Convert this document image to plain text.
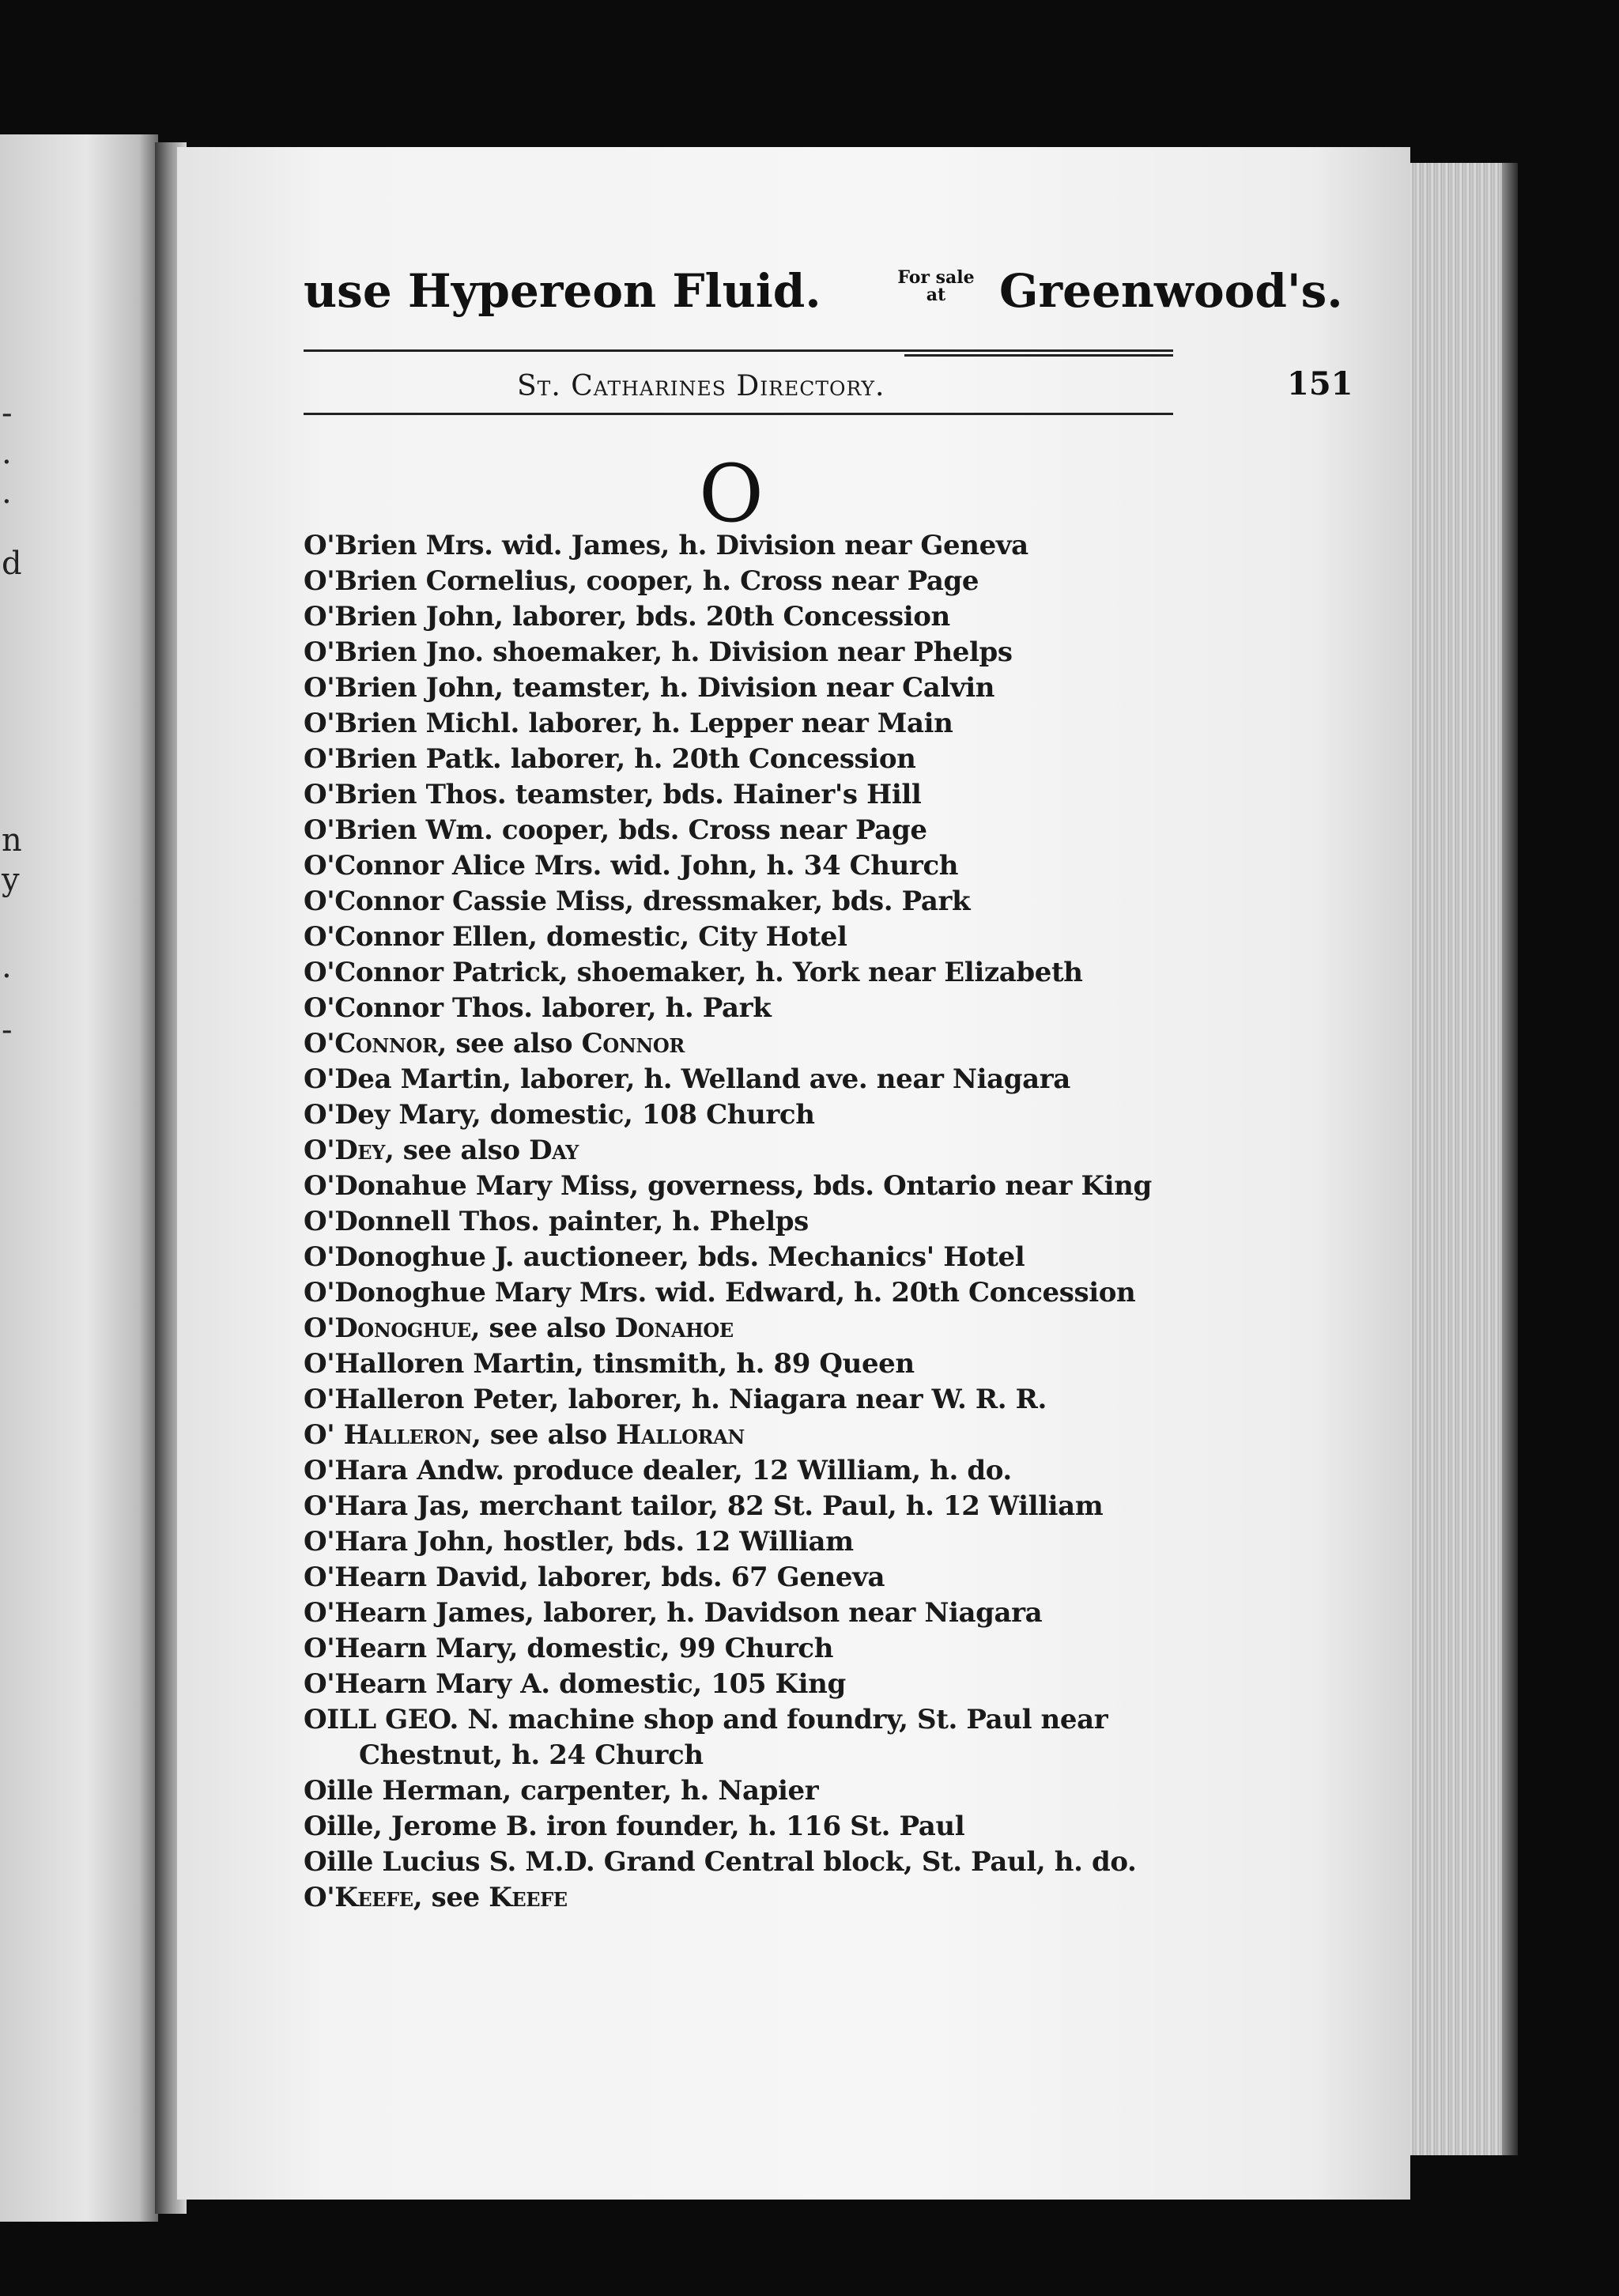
-
.
.
d
n
y
.
-
use Hypereon Fluid.	For sale
at	Greenwood's.
St. Catharines Directory.	151
O
O'Brien Mrs. wid. James, h. Division near Geneva
O'Brien Cornelius, cooper, h. Cross near Page
O'Brien John, laborer, bds. 20th Concession
O'Brien Jno. shoemaker, h. Division near Phelps
O'Brien John, teamster, h. Division near Calvin
O'Brien Michl. laborer, h. Lepper near Main
O'Brien Patk. laborer, h. 20th Concession
O'Brien Thos. teamster, bds. Hainer's Hill
O'Brien Wm. cooper, bds. Cross near Page
O'Connor Alice Mrs. wid. John, h. 34 Church
O'Connor Cassie Miss, dressmaker, bds. Park
O'Connor Ellen, domestic, City Hotel
O'Connor Patrick, shoemaker, h. York near Elizabeth
O'Connor Thos. laborer, h. Park
O'Connor, see also Connor
O'Dea Martin, laborer, h. Welland ave. near Niagara
O'Dey Mary, domestic, 108 Church
O'Dey, see also Day
O'Donahue Mary Miss, governess, bds. Ontario near King
O'Donnell Thos. painter, h. Phelps
O'Donoghue J. auctioneer, bds. Mechanics' Hotel
O'Donoghue Mary Mrs. wid. Edward, h. 20th Concession
O'Donoghue, see also Donahoe
O'Halloren Martin, tinsmith, h. 89 Queen
O'Halleron Peter, laborer, h. Niagara near W. R. R.
O' Halleron, see also Halloran
O'Hara Andw. produce dealer, 12 William, h. do.
O'Hara Jas, merchant tailor, 82 St. Paul, h. 12 William
O'Hara John, hostler, bds. 12 William
O'Hearn David, laborer, bds. 67 Geneva
O'Hearn James, laborer, h. Davidson near Niagara
O'Hearn Mary, domestic, 99 Church
O'Hearn Mary A. domestic, 105 King
OILL GEO. N. machine shop and foundry, St. Paul near
Chestnut, h. 24 Church
Oille Herman, carpenter, h. Napier
Oille, Jerome B. iron founder, h. 116 St. Paul
Oille Lucius S. M.D. Grand Central block, St. Paul, h. do.
O'Keefe, see Keefe
